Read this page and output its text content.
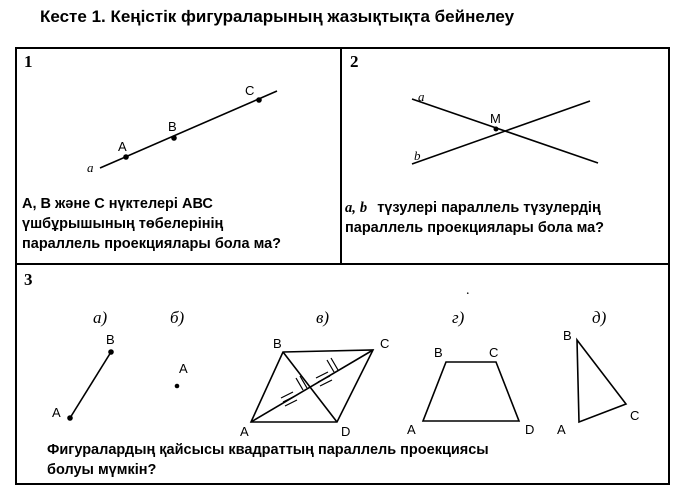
Кесте 1. Кеңістік фигураларының жазықтықта бейнелеу
1	2
3
А, В және С нүктелері АВС
үшбұрышының төбелерінің
параллель проекциялары бола ма?
a, b түзулері параллель түзулердің
параллель проекциялары бола ма?
Фигуралардың қайсысы квадраттың параллель проекциясы
болуы мүмкін?
a
A
B
C	a
b
M
а)	б)	в)	г)	д)
.
B
A
A
B	C
A	D
B	C
A	D
B
C
A
